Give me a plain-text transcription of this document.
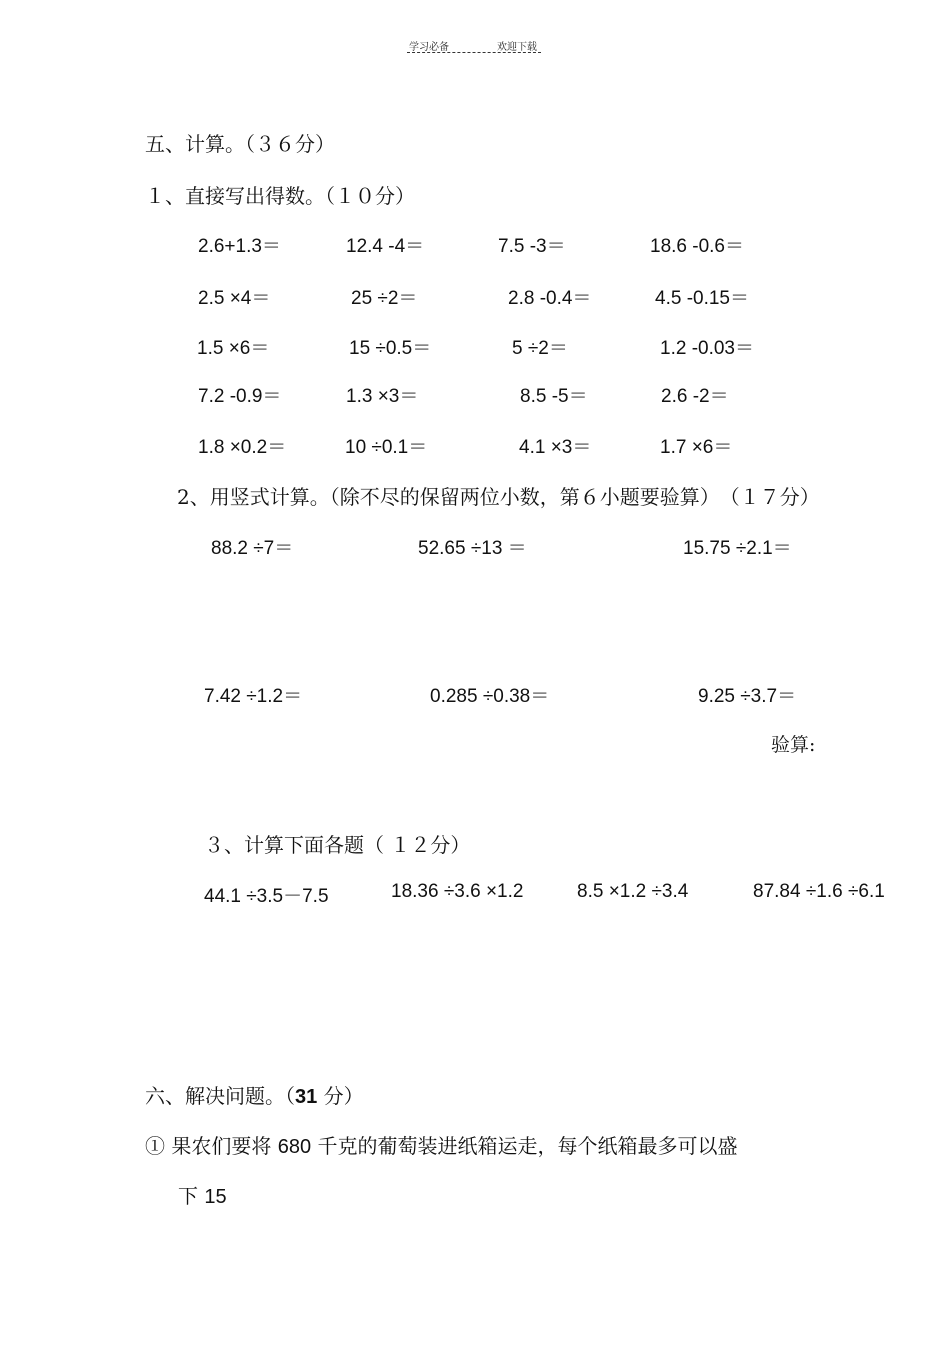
学习必备	欢迎下载
五、计算。（３６分）
１、直接写出得数。（１０分）
2.6+1.3＝	12.4 -4＝	7.5 -3＝	18.6 -0.6＝
2.5 ×4＝	25 ÷2＝	2.8 -0.4＝	4.5 -0.15＝
1.5 ×6＝	15 ÷0.5＝	5 ÷2＝	1.2 -0.03＝
7.2 -0.9＝	1.3 ×3＝	8.5 -5＝	2.6 -2＝
1.8 ×0.2＝	10 ÷0.1＝	4.1 ×3＝	1.7 ×6＝
2、用竖式计算。（除不尽的保留两位小数，第６小题要验算）　（１７分）
88.2 ÷7＝	52.65 ÷13 ＝	15.75 ÷2.1＝
7.42 ÷1.2＝	0.285 ÷0.38＝	9.25 ÷3.7＝
验算:
３、计算下面各题（ １２分）
44.1 ÷3.5－7.5	18.36 ÷3.6 ×1.2	8.5 ×1.2 ÷3.4	87.84 ÷1.6 ÷6.1
六、解决问题。（31 分）
① 果农们要将 680 千克的葡萄装进纸箱运走，每个纸箱最多可以盛
下 15
